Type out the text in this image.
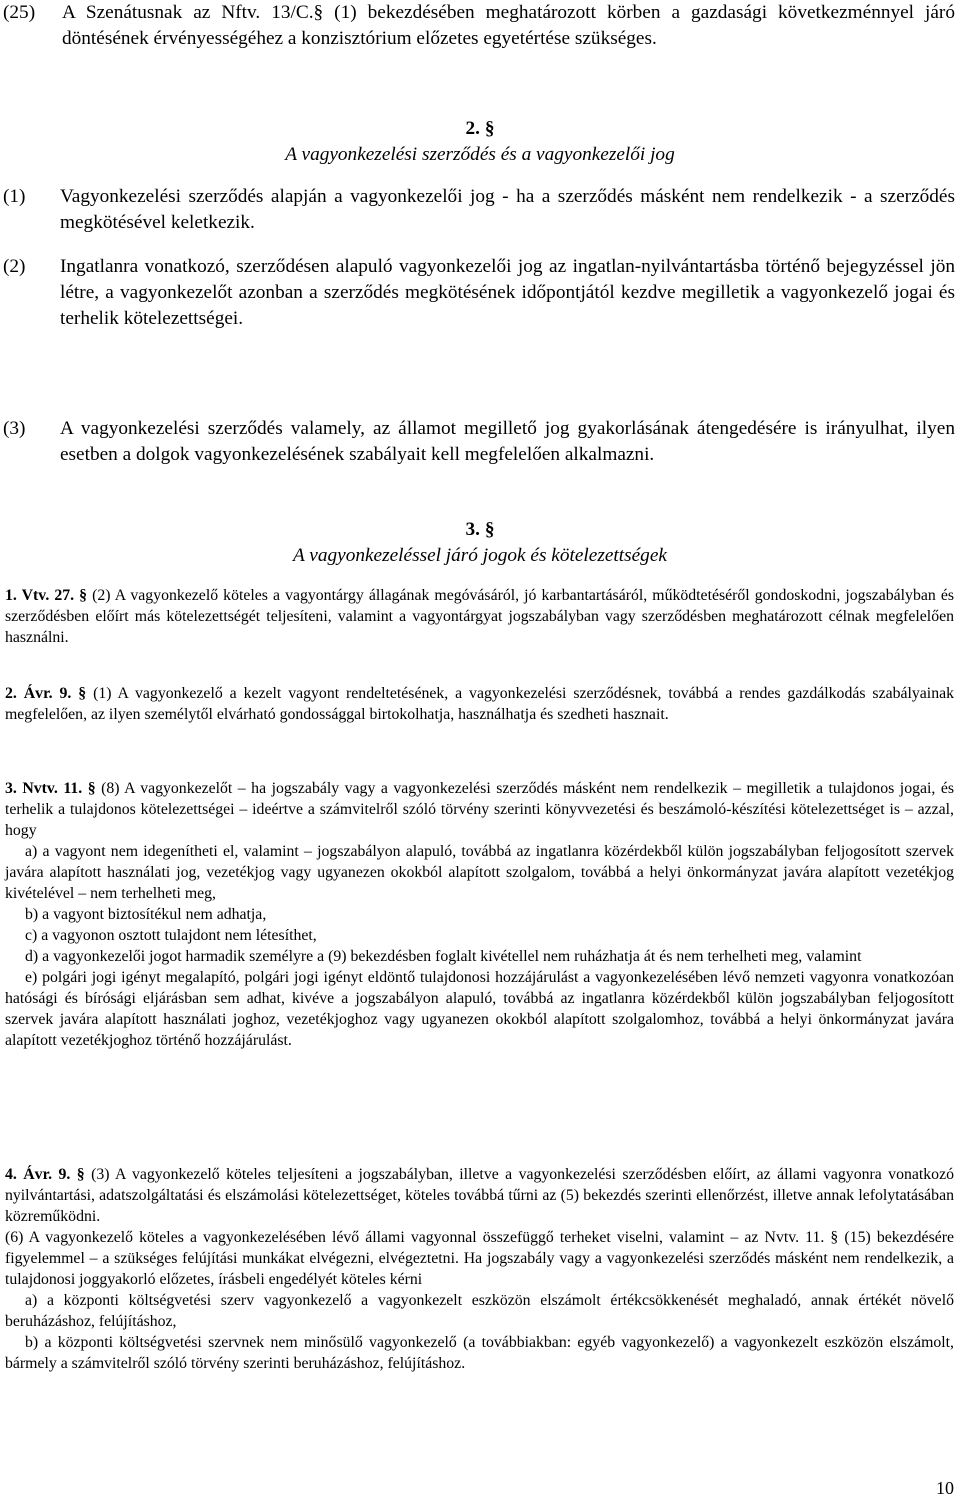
(25)	A Szenátusnak az Nftv. 13/C.§ (1) bekezdésében meghatározott körben a gazdasági következménnyel járó döntésének érvényességéhez a konzisztórium előzetes egyetértése szükséges.
2. §
A vagyonkezelési szerződés és a vagyonkezelői jog
(1)	Vagyonkezelési szerződés alapján a vagyonkezelői jog - ha a szerződés másként nem rendelkezik - a szerződés megkötésével keletkezik.
(2)	Ingatlanra vonatkozó, szerződésen alapuló vagyonkezelői jog az ingatlan-nyilvántartásba történő bejegyzéssel jön létre, a vagyonkezelőt azonban a szerződés megkötésének időpontjától kezdve megilletik a vagyonkezelő jogai és terhelik kötelezettségei.
(3)	A vagyonkezelési szerződés valamely, az államot megillető jog gyakorlásának átengedésére is irányulhat, ilyen esetben a dolgok vagyonkezelésének szabályait kell megfelelően alkalmazni.
3. §
A vagyonkezeléssel járó jogok és kötelezettségek

1. Vtv. 27. § (2) A vagyonkezelő köteles a vagyontárgy állagának megóvásáról, jó karbantartásáról, működtetéséről gondoskodni, jogszabályban és szerződésben előírt más kötelezettségét teljesíteni, valamint a vagyontárgyat jogszabályban vagy szerződésben meghatározott célnak megfelelően használni.

2. Ávr. 9. § (1) A vagyonkezelő a kezelt vagyont rendeltetésének, a vagyonkezelési szerződésnek, továbbá a rendes gazdálkodás szabályainak megfelelően, az ilyen személytől elvárható gondossággal birtokolhatja, használhatja és szedheti hasznait.

3. Nvtv. 11. § (8) A vagyonkezelőt – ha jogszabály vagy a vagyonkezelési szerződés másként nem rendelkezik – megilletik a tulajdonos jogai, és terhelik a tulajdonos kötelezettségei – ideértve a számvitelről szóló törvény szerinti könyvvezetési és beszámoló-készítési kötelezettséget is – azzal, hogy

a) a vagyont nem idegenítheti el, valamint – jogszabályon alapuló, továbbá az ingatlanra közérdekből külön jogszabályban feljogosított szervek javára alapított használati jog, vezetékjog vagy ugyanezen okokból alapított szolgalom, továbbá a helyi önkormányzat javára alapított vezetékjog kivételével – nem terhelheti meg,

b) a vagyont biztosítékul nem adhatja,

c) a vagyonon osztott tulajdont nem létesíthet,

d) a vagyonkezelői jogot harmadik személyre a (9) bekezdésben foglalt kivétellel nem ruházhatja át és nem terhelheti meg, valamint

e) polgári jogi igényt megalapító, polgári jogi igényt eldöntő tulajdonosi hozzájárulást a vagyonkezelésében lévő nemzeti vagyonra vonatkozóan hatósági és bírósági eljárásban sem adhat, kivéve a jogszabályon alapuló, továbbá az ingatlanra közérdekből külön jogszabályban feljogosított szervek javára alapított használati joghoz, vezetékjoghoz vagy ugyanezen okokból alapított szolgalomhoz, továbbá a helyi önkormányzat javára alapított vezetékjoghoz történő hozzájárulást.

4. Ávr. 9. § (3) A vagyonkezelő köteles teljesíteni a jogszabályban, illetve a vagyonkezelési szerződésben előírt, az állami vagyonra vonatkozó nyilvántartási, adatszolgáltatási és elszámolási kötelezettséget, köteles továbbá tűrni az (5) bekezdés szerinti ellenőrzést, illetve annak lefolytatásában közreműködni.

(6) A vagyonkezelő köteles a vagyonkezelésében lévő állami vagyonnal összefüggő terheket viselni, valamint – az Nvtv. 11. § (15) bekezdésére figyelemmel – a szükséges felújítási munkákat elvégezni, elvégeztetni. Ha jogszabály vagy a vagyonkezelési szerződés másként nem rendelkezik, a tulajdonosi joggyakorló előzetes, írásbeli engedélyét köteles kérni

a) a központi költségvetési szerv vagyonkezelő a vagyonkezelt eszközön elszámolt értékcsökkenését meghaladó, annak értékét növelő beruházáshoz, felújításhoz,

b) a központi költségvetési szervnek nem minősülő vagyonkezelő (a továbbiakban: egyéb vagyonkezelő) a vagyonkezelt eszközön elszámolt, bármely a számvitelről szóló törvény szerinti beruházáshoz, felújításhoz.

10
